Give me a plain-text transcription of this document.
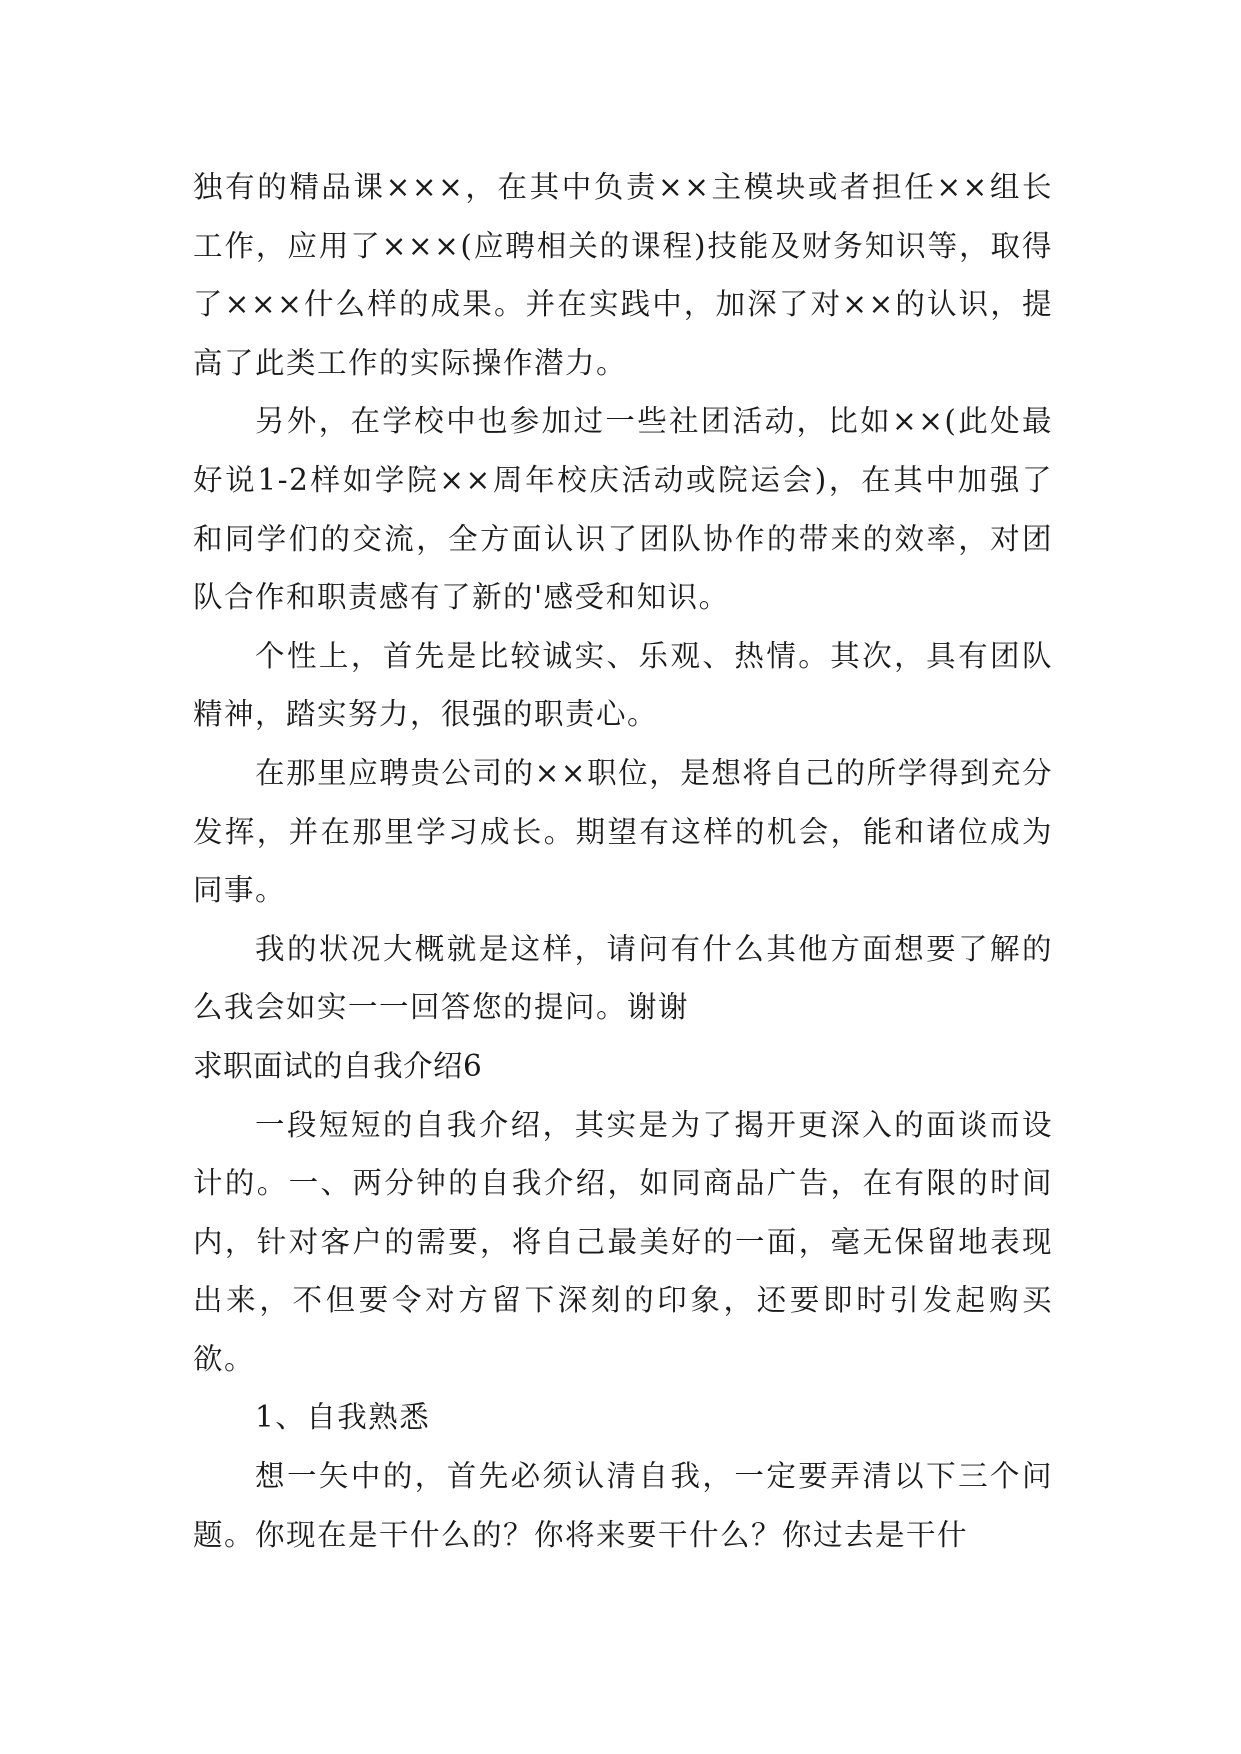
独有的精品课×××，在其中负责××主模块或者担任××组长工作，应用了×××(应聘相关的课程)技能及财务知识等，取得了×××什么样的成果。并在实践中，加深了对××的认识，提高了此类工作的实际操作潜力。

另外，在学校中也参加过一些社团活动，比如××(此处最好说1-2样如学院××周年校庆活动或院运会)，在其中加强了和同学们的交流，全方面认识了团队协作的带来的效率，对团队合作和职责感有了新的'感受和知识。

个性上，首先是比较诚实、乐观、热情。其次，具有团队精神，踏实努力，很强的职责心。

在那里应聘贵公司的××职位，是想将自己的所学得到充分发挥，并在那里学习成长。期望有这样的机会，能和诸位成为同事。

我的状况大概就是这样，请问有什么其他方面想要了解的么我会如实一一回答您的提问。谢谢

求职面试的自我介绍6

一段短短的自我介绍，其实是为了揭开更深入的面谈而设计的。一、两分钟的自我介绍，如同商品广告，在有限的时间内，针对客户的需要，将自己最美好的一面，毫无保留地表现出来，不但要令对方留下深刻的印象，还要即时引发起购买欲。

1、自我熟悉

想一矢中的，首先必须认清自我，一定要弄清以下三个问题。你现在是干什么的？你将来要干什么？你过去是干什
